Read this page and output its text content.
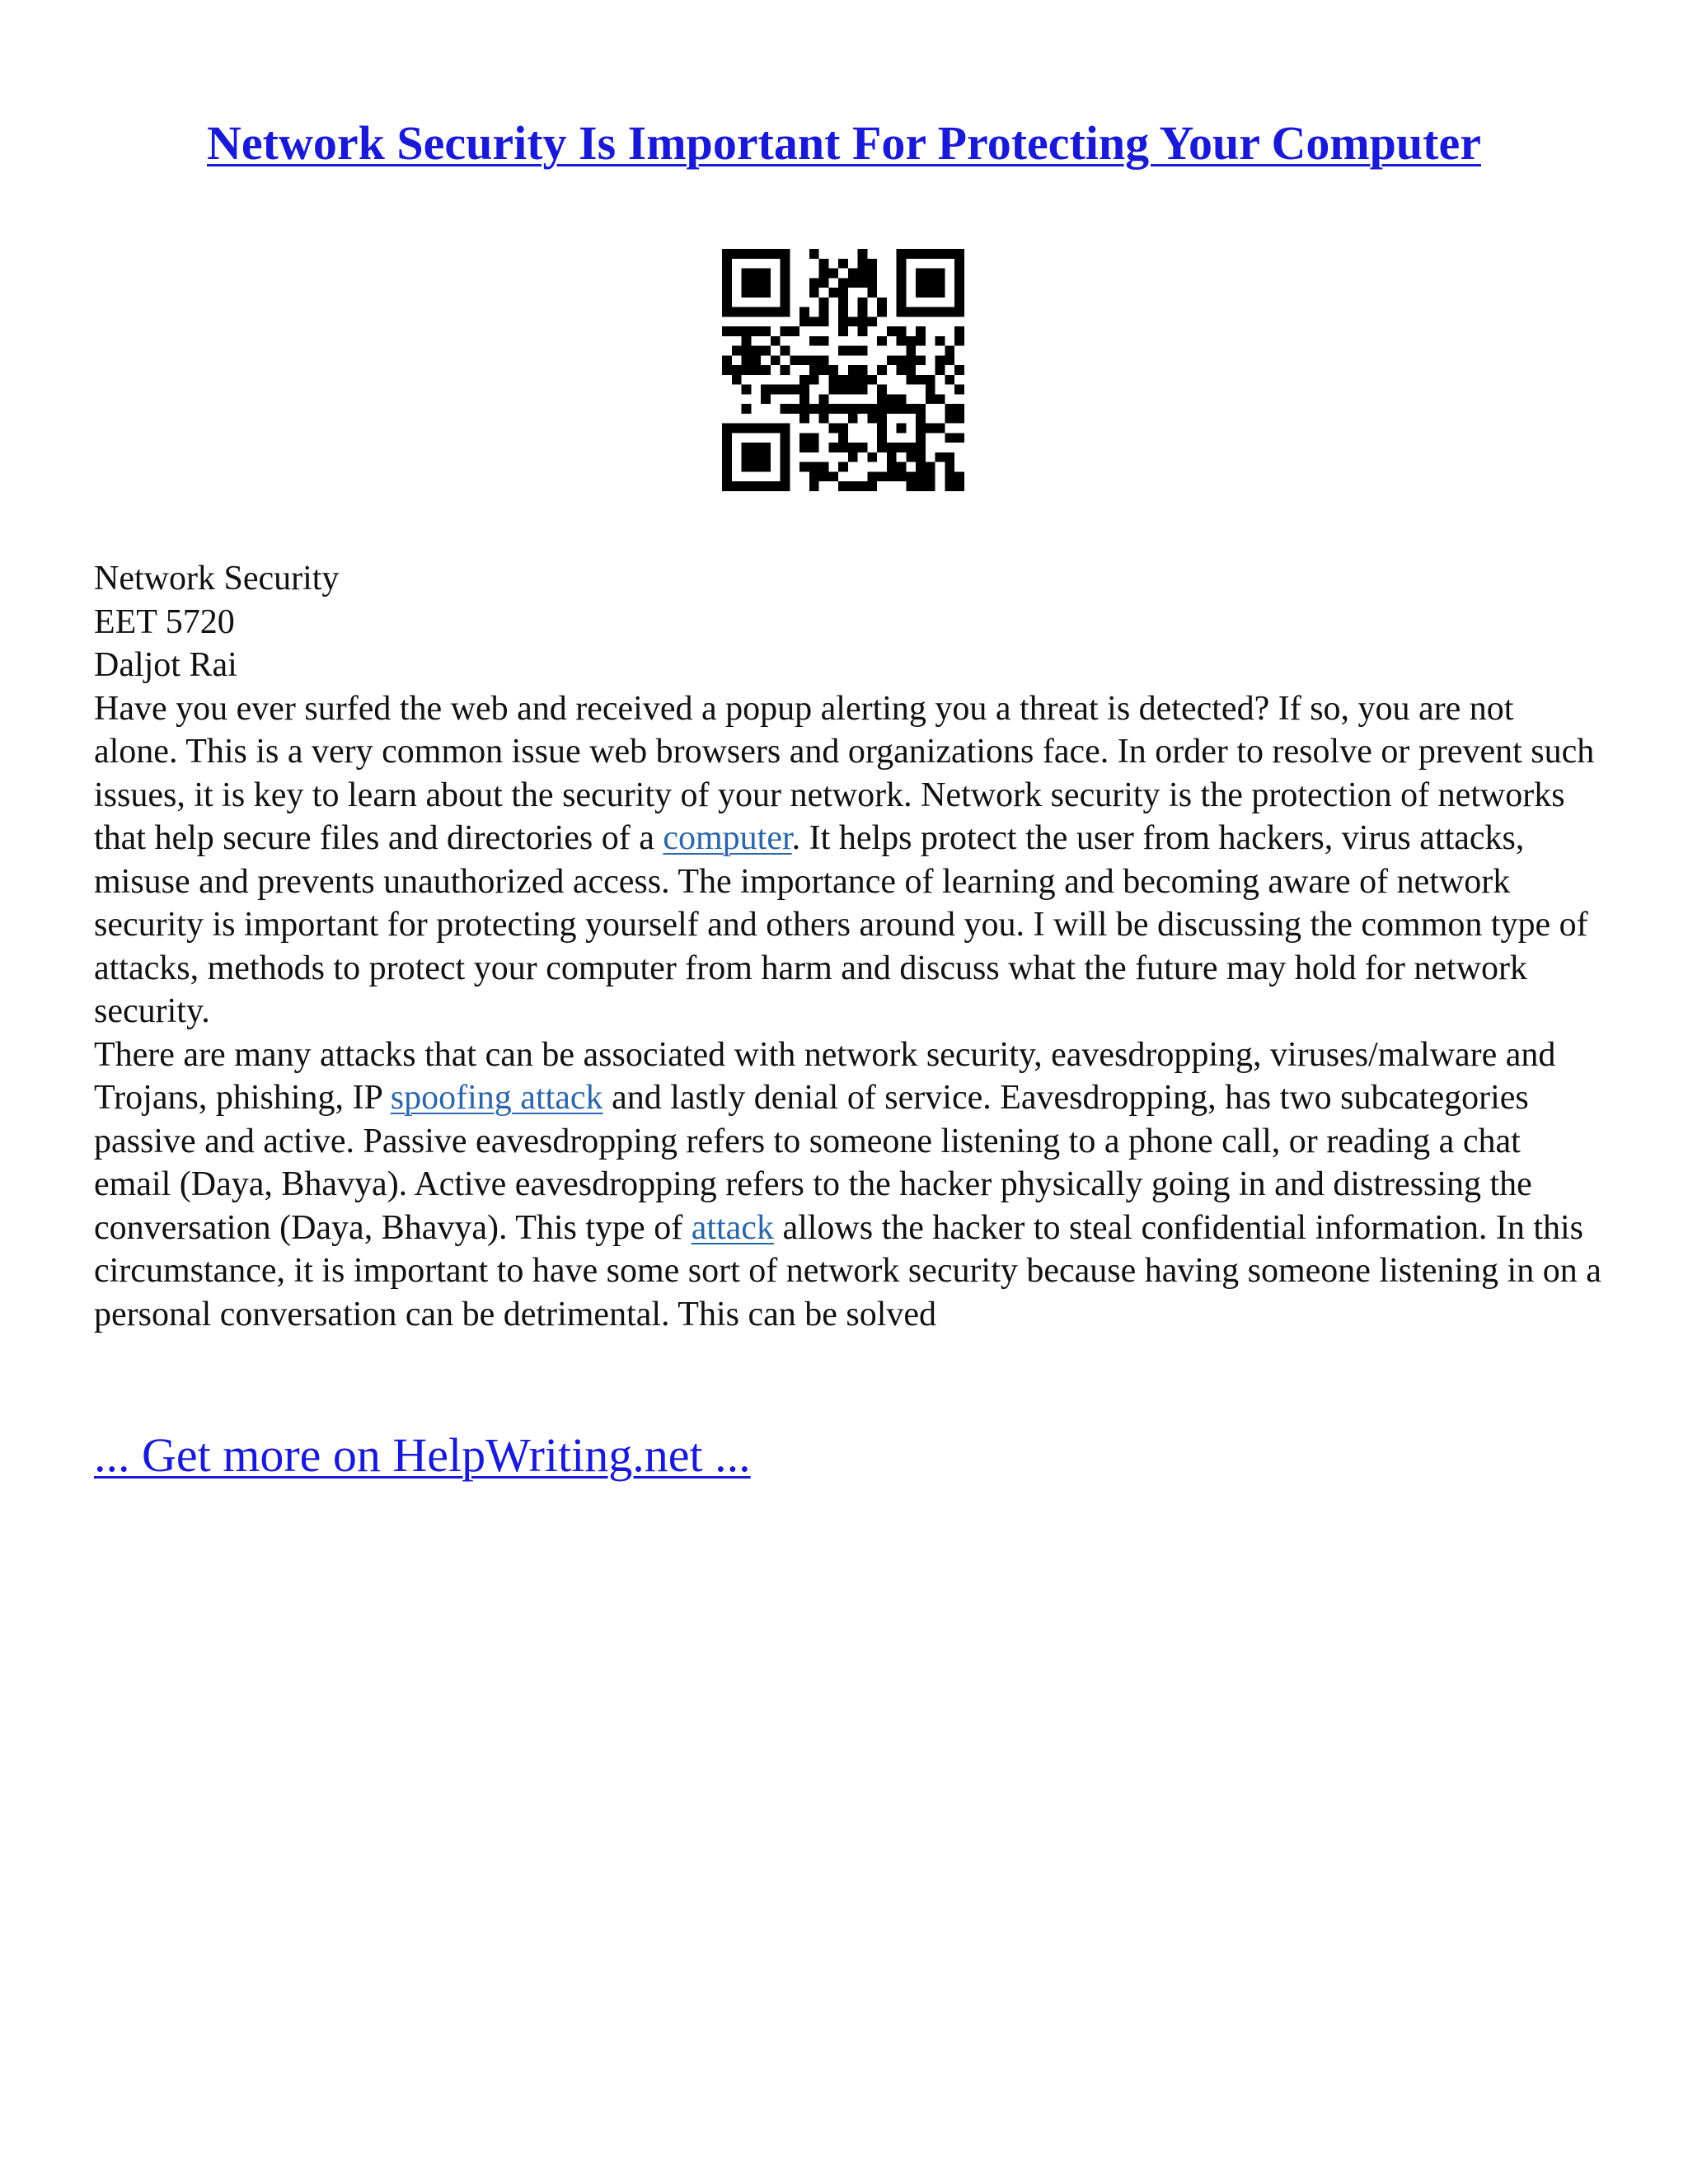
Network Security Is Important For Protecting Your Computer

Network Security

EET 5720

Daljot Rai

Have you ever surfed the web and received a popup alerting you a threat is detected? If so, you are not alone. This is a very common issue web browsers and organizations face. In order to resolve or prevent such issues, it is key to learn about the security of your network. Network security is the protection of networks that help secure files and directories of a computer. It helps protect the user from hackers, virus attacks, misuse and prevents unauthorized access. The importance of learning and becoming aware of network security is important for protecting yourself and others around you. I will be discussing the common type of attacks, methods to protect your computer from harm and discuss what the future may hold for network security.

There are many attacks that can be associated with network security, eavesdropping, viruses/malware and Trojans, phishing, IP spoofing attack and lastly denial of service. Eavesdropping, has two subcategories passive and active. Passive eavesdropping refers to someone listening to a phone call, or reading a chat email (Daya, Bhavya). Active eavesdropping refers to the hacker physically going in and distressing the conversation (Daya, Bhavya). This type of attack allows the hacker to steal confidential information. In this circumstance, it is important to have some sort of network security because having someone listening in on a personal conversation can be detrimental. This can be solved

... Get more on HelpWriting.net ...
